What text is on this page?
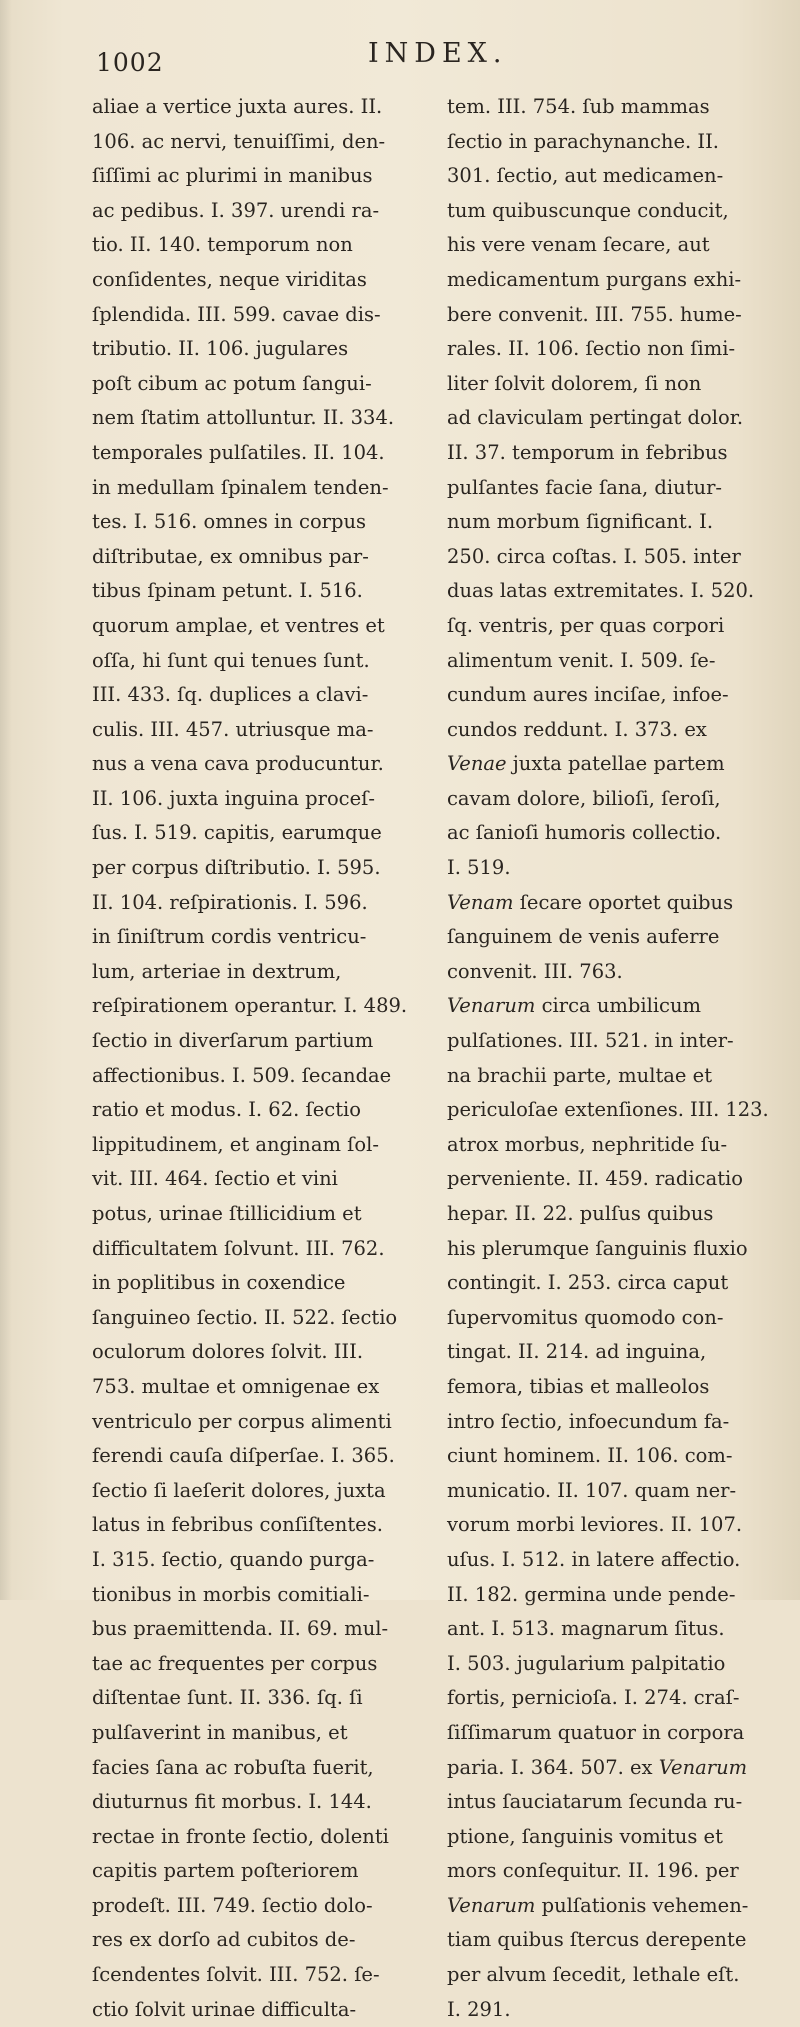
1002	INDEX.
aliae a vertice juxta aures. II.
106. ac nervi, tenuiſſimi, den-
ſiſſimi ac plurimi in manibus
ac pedibus. I. 397. urendi ra-
tio. II. 140. temporum non
conſidentes, neque viriditas
ſplendida. III. 599. cavae dis-
tributio. II. 106. jugulares
poſt cibum ac potum ſangui-
nem ſtatim attolluntur. II. 334.
temporales pulſatiles. II. 104.
in medullam ſpinalem tenden-
tes. I. 516. omnes in corpus
diſtributae, ex omnibus par-
tibus ſpinam petunt. I. 516.
quorum amplae, et ventres et
oſſa, hi ſunt qui tenues ſunt.
III. 433. ſq. duplices a clavi-
culis. III. 457. utriusque ma-
nus a vena cava producuntur.
II. 106. juxta inguina proceſ-
ſus. I. 519. capitis, earumque
per corpus diſtributio. I. 595.
II. 104. reſpirationis. I. 596.
in ſiniſtrum cordis ventricu-
lum, arteriae in dextrum,
reſpirationem operantur. I. 489.
ſectio in diverſarum partium
affectionibus. I. 509. ſecandae
ratio et modus. I. 62. ſectio
lippitudinem, et anginam ſol-
vit. III. 464. ſectio et vini
potus, urinae ſtillicidium et
difficultatem ſolvunt. III. 762.
in poplitibus in coxendice
ſanguineo ſectio. II. 522. ſectio
oculorum dolores ſolvit. III.
753. multae et omnigenae ex
ventriculo per corpus alimenti
ferendi cauſa diſperſae. I. 365.
ſectio ſi laeſerit dolores, juxta
latus in febribus conſiſtentes.
I. 315. ſectio, quando purga-
tionibus in morbis comitiali-
bus praemittenda. II. 69. mul-
tae ac frequentes per corpus
diſtentae ſunt. II. 336. ſq. ſi
pulſaverint in manibus, et
facies ſana ac robuſta fuerit,
diuturnus fit morbus. I. 144.
rectae in fronte ſectio, dolenti
capitis partem poſteriorem
prodeſt. III. 749. ſectio dolo-
res ex dorſo ad cubitos de-
ſcendentes ſolvit. III. 752. ſe-
ctio ſolvit urinae difficulta-
tem. III. 754. ſub mammas
ſectio in parachynanche. II.
301. ſectio, aut medicamen-
tum quibuscunque conducit,
his vere venam ſecare, aut
medicamentum purgans exhi-
bere convenit. III. 755. hume-
rales. II. 106. ſectio non ſimi-
liter ſolvit dolorem, ſi non
ad claviculam pertingat dolor.
II. 37. temporum in febribus
pulſantes facie ſana, diutur-
num morbum ſignificant. I.
250. circa coſtas. I. 505. inter
duas latas extremitates. I. 520.
ſq. ventris, per quas corpori
alimentum venit. I. 509. ſe-
cundum aures inciſae, infoe-
cundos reddunt. I. 373. ex
Venae juxta patellae partem
cavam dolore, bilioſi, ſeroſi,
ac ſanioſi humoris collectio.
I. 519.
Venam ſecare oportet quibus
ſanguinem de venis auferre
convenit. III. 763.
Venarum circa umbilicum
pulſationes. III. 521. in inter-
na brachii parte, multae et
periculoſae extenſiones. III. 123.
atrox morbus, nephritide ſu-
perveniente. II. 459. radicatio
hepar. II. 22. pulſus quibus
his plerumque ſanguinis fluxio
contingit. I. 253. circa caput
ſupervomitus quomodo con-
tingat. II. 214. ad inguina,
femora, tibias et malleolos
intro ſectio, infoecundum fa-
ciunt hominem. II. 106. com-
municatio. II. 107. quam ner-
vorum morbi leviores. II. 107.
uſus. I. 512. in latere affectio.
II. 182. germina unde pende-
ant. I. 513. magnarum ſitus.
I. 503. jugularium palpitatio
fortis, pernicioſa. I. 274. craſ-
ſiſſimarum quatuor in corpora
paria. I. 364. 507. ex Venarum
intus ſauciatarum ſecunda ru-
ptione, ſanguinis vomitus et
mors conſequitur. II. 196. per
Venarum pulſationis vehemen-
tiam quibus ſtercus derepente
per alvum ſecedit, lethale eſt.
I. 291.
